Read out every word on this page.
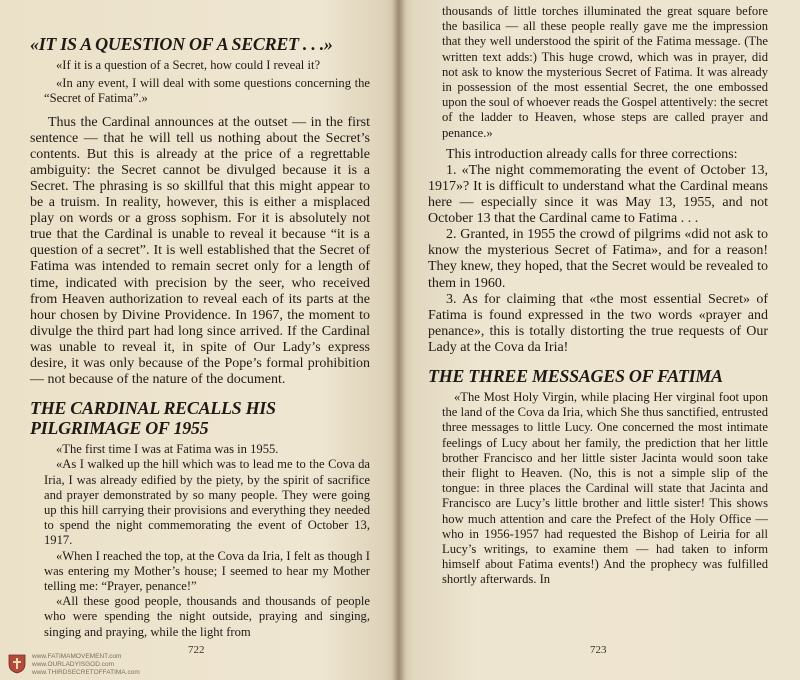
«IT IS A QUESTION OF A SECRET . . .»

«If it is a question of a Secret, how could I reveal it?

«In any event, I will deal with some questions concerning the “Secret of Fatima”.»

Thus the Cardinal announces at the outset — in the first sentence — that he will tell us nothing about the Secret’s contents. But this is already at the price of a regrettable ambiguity: the Secret cannot be divulged because it is a Secret. The phrasing is so skillful that this might appear to be a truism. In reality, however, this is either a misplaced play on words or a gross sophism. For it is absolutely not true that the Cardinal is unable to reveal it because “it is a question of a secret”. It is well established that the Secret of Fatima was intended to remain secret only for a length of time, indicated with precision by the seer, who received from Heaven authorization to reveal each of its parts at the hour chosen by Divine Providence. In 1967, the moment to divulge the third part had long since arrived. If the Cardinal was unable to reveal it, in spite of Our Lady’s express desire, it was only because of the Pope’s formal prohibition — not because of the nature of the document.

THE CARDINAL RECALLS HIS PILGRIMAGE OF 1955

«The first time I was at Fatima was in 1955.

«As I walked up the hill which was to lead me to the Cova da Iria, I was already edified by the piety, by the spirit of sacrifice and prayer demonstrated by so many people. They were going up this hill carrying their provisions and everything they needed to spend the night commemorating the event of October 13, 1917.

«When I reached the top, at the Cova da Iria, I felt as though I was entering my Mother’s house; I seemed to hear my Mother telling me: “Prayer, penance!”

«All these good people, thousands and thousands of people who were spending the night outside, praying and singing, singing and praying, while the light from

722
www.FATIMAMOVEMENT.com
www.OURLADYISGOD.com
www.THIRDSECRETOFFATIMA.com

thousands of little torches illuminated the great square before the basilica — all these people really gave me the impression that they well understood the spirit of the Fatima message. (The written text adds:) This huge crowd, which was in prayer, did not ask to know the mysterious Secret of Fatima. It was already in possession of the most essential Secret, the one embossed upon the soul of whoever reads the Gospel attentively: the secret of the ladder to Heaven, whose steps are called prayer and penance.»

This introduction already calls for three corrections:

1. «The night commemorating the event of October 13, 1917»? It is difficult to understand what the Cardinal means here — especially since it was May 13, 1955, and not October 13 that the Cardinal came to Fatima . . .

2. Granted, in 1955 the crowd of pilgrims «did not ask to know the mysterious Secret of Fatima», and for a reason! They knew, they hoped, that the Secret would be revealed to them in 1960.

3. As for claiming that «the most essential Secret» of Fatima is found expressed in the two words «prayer and penance», this is totally distorting the true requests of Our Lady at the Cova da Iria!

THE THREE MESSAGES OF FATIMA

«The Most Holy Virgin, while placing Her virginal foot upon the land of the Cova da Iria, which She thus sanctified, entrusted three messages to little Lucy. One concerned the most intimate feelings of Lucy about her family, the prediction that her little brother Francisco and her little sister Jacinta would soon take their flight to Heaven. (No, this is not a simple slip of the tongue: in three places the Cardinal will state that Jacinta and Francisco are Lucy’s little brother and little sister! This shows how much attention and care the Prefect of the Holy Office — who in 1956-1957 had requested the Bishop of Leiria for all Lucy’s writings, to examine them — had taken to inform himself about Fatima events!) And the prophecy was fulfilled shortly afterwards. In

723
